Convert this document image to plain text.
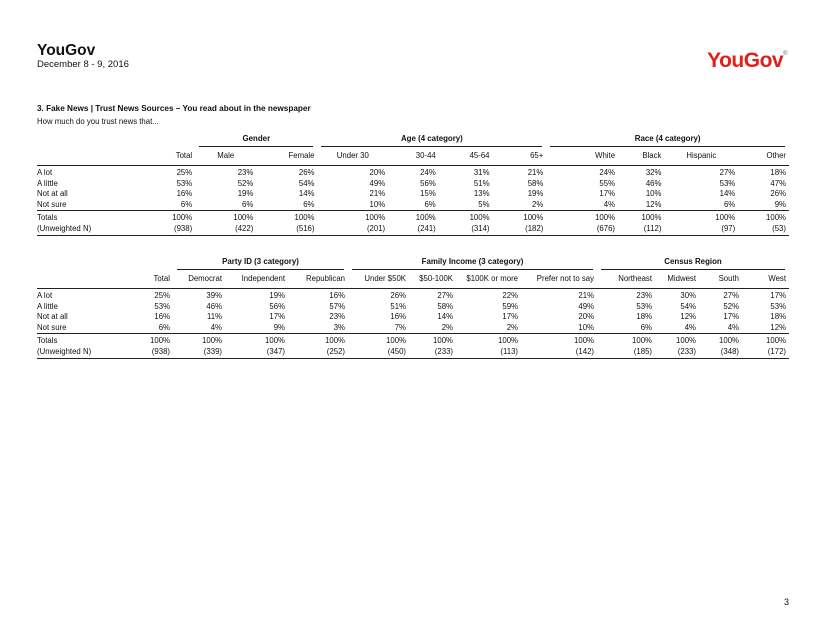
YouGov
December 8 - 9, 2016	YouGov®
3. Fake News | Trust News Sources – You read about in the newspaper
How much do you trust news that...

		Gender		Age (4 category)				Race (4 category)			

	Total	Male	Female	Under 30	30-44	45-64	65+	White	Black	Hispanic	Other
A lot	25%	23%	26%	20%	24%	31%	21%	24%	32%	27%	18%
A little	53%	52%	54%	49%	56%	51%	58%	55%	46%	53%	47%
Not at all	16%	19%	14%	21%	15%	13%	19%	17%	10%	14%	26%
Not sure	6%	6%	6%	10%	6%	5%	2%	4%	12%	6%	9%
Totals	100%	100%	100%	100%	100%	100%	100%	100%	100%	100%	100%
(Unweighted N)	(938)	(422)	(516)	(201)	(241)	(314)	(182)	(676)	(112)	(97)	(53)

		Party ID (3 category)			Family Income (3 category)				Census Region			

	Total	Democrat	Independent	Republican	Under $50K	$50-100K	$100K or more	Prefer not to say	Northeast	Midwest	South	West
A lot	25%	39%	19%	16%	26%	27%	22%	21%	23%	30%	27%	17%
A little	53%	46%	56%	57%	51%	58%	59%	49%	53%	54%	52%	53%
Not at all	16%	11%	17%	23%	16%	14%	17%	20%	18%	12%	17%	18%
Not sure	6%	4%	9%	3%	7%	2%	2%	10%	6%	4%	4%	12%
Totals	100%	100%	100%	100%	100%	100%	100%	100%	100%	100%	100%	100%
(Unweighted N)	(938)	(339)	(347)	(252)	(450)	(233)	(113)	(142)	(185)	(233)	(348)	(172)
3
